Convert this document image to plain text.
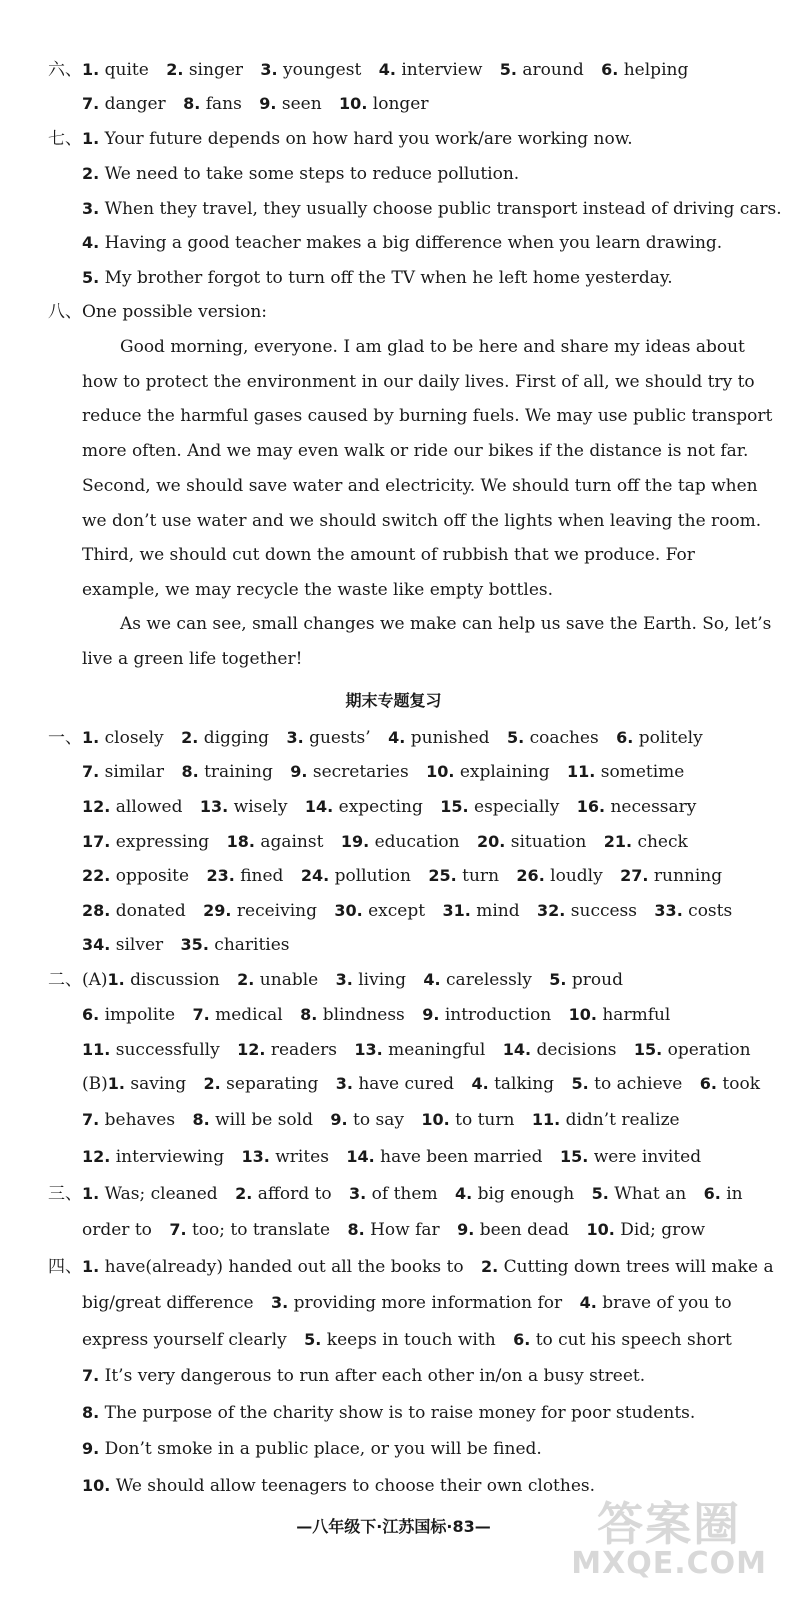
六、 1. quite 2. singer 3. youngest 4. interview 5. around 6. helping
7. danger 8. fans 9. seen 10. longer
七、 1. Your future depends on how hard you work/are working now.
2. We need to take some steps to reduce pollution.
3. When they travel, they usually choose public transport instead of driving cars.
4. Having a good teacher makes a big difference when you learn drawing.
5. My brother forgot to turn off the TV when he left home yesterday.
八、 One possible version:
Good morning, everyone. I am glad to be here and share my ideas about
how to protect the environment in our daily lives. First of all, we should try to
reduce the harmful gases caused by burning fuels. We may use public transport
more often. And we may even walk or ride our bikes if the distance is not far.
Second, we should save water and electricity. We should turn off the tap when
we don’t use water and we should switch off the lights when leaving the room.
Third, we should cut down the amount of rubbish that we produce. For
example, we may recycle the waste like empty bottles.
As we can see, small changes we make can help us save the Earth. So, let’s
live a green life together!
期末专题复习
一、 1. closely 2. digging 3. guests’ 4. punished 5. coaches 6. politely
7. similar 8. training 9. secretaries 10. explaining 11. sometime
12. allowed 13. wisely 14. expecting 15. especially 16. necessary
17. expressing 18. against 19. education 20. situation 21. check
22. opposite 23. fined 24. pollution 25. turn 26. loudly 27. running
28. donated 29. receiving 30. except 31. mind 32. success 33. costs
34. silver 35. charities
二、 (A)1. discussion 2. unable 3. living 4. carelessly 5. proud
6. impolite 7. medical 8. blindness 9. introduction 10. harmful
11. successfully 12. readers 13. meaningful 14. decisions 15. operation
(B)1. saving 2. separating 3. have cured 4. talking 5. to achieve 6. took
7. behaves 8. will be sold 9. to say 10. to turn 11. didn’t realize
12. interviewing 13. writes 14. have been married 15. were invited
三、 1. Was; cleaned 2. afford to 3. of them 4. big enough 5. What an 6. in
order to 7. too; to translate 8. How far 9. been dead 10. Did; grow
四、 1. have(already) handed out all the books to 2. Cutting down trees will make a
big/great difference 3. providing more information for 4. brave of you to
express yourself clearly 5. keeps in touch with 6. to cut his speech short
7. It’s very dangerous to run after each other in/on a busy street.
8. The purpose of the charity show is to raise money for poor students.
9. Don’t smoke in a public place, or you will be fined.
10. We should allow teenagers to choose their own clothes.
—八年级下·江苏国标·83—	答案圈
MXQE.COM
